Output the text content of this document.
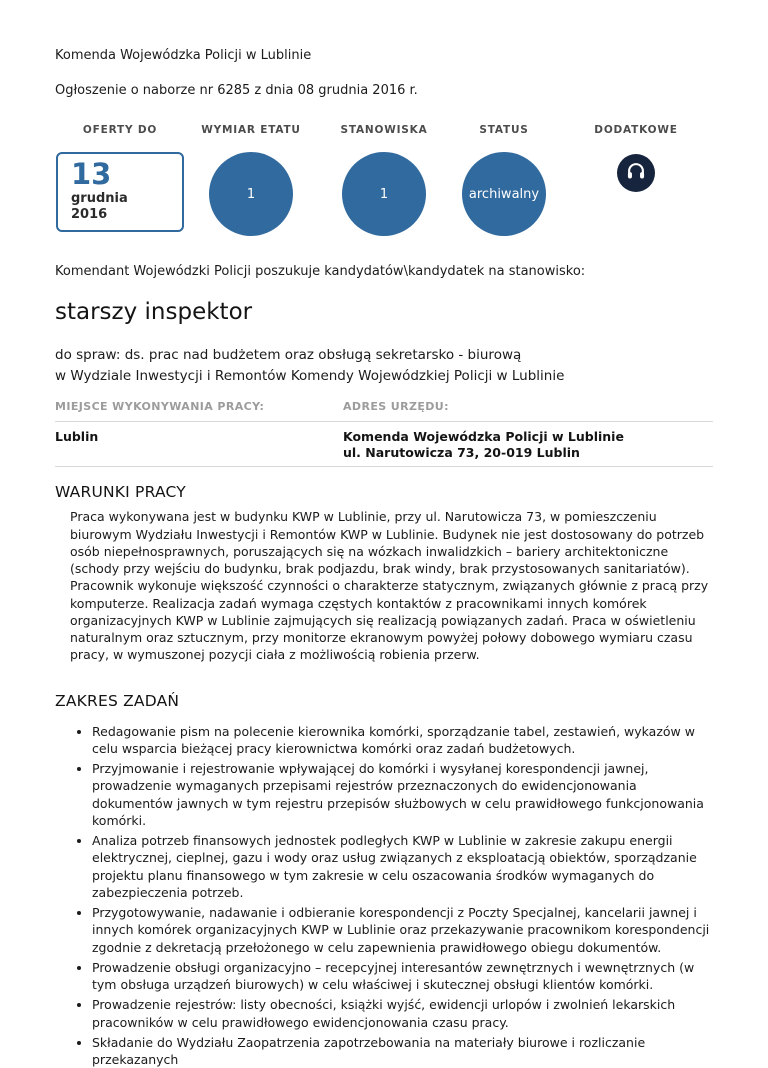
Komenda Wojewódzka Policji w Lublinie
Ogłoszenie o naborze nr 6285 z dnia 08 grudnia 2016 r.
OFERTY DO
13
grudnia
2016
WYMIAR ETATU
1
STANOWISKA
1
STATUS
archiwalny
DODATKOWE
Komendant Wojewódzki Policji poszukuje kandydatów\kandydatek na stanowisko:
starszy inspektor
do spraw: ds. prac nad budżetem oraz obsługą sekretarsko - biurową
w Wydziale Inwestycji i Remontów Komendy Wojewódzkiej Policji w Lublinie
MIEJSCE WYKONYWANIA PRACY:	ADRES URZĘDU:
Lublin	Komenda Wojewódzka Policji w Lublinie
ul. Narutowicza 73, 20-019 Lublin
WARUNKI PRACY

Praca wykonywana jest w budynku KWP w Lublinie, przy ul. Narutowicza 73, w pomieszczeniu biurowym Wydziału Inwestycji i Remontów KWP w Lublinie. Budynek nie jest dostosowany do potrzeb osób niepełnosprawnych, poruszających się na wózkach inwalidzkich – bariery architektoniczne (schody przy wejściu do budynku, brak podjazdu, brak windy, brak przystosowanych sanitariatów).

Pracownik wykonuje większość czynności o charakterze statycznym, związanych głównie z pracą przy komputerze. Realizacja zadań wymaga częstych kontaktów z pracownikami innych komórek organizacyjnych KWP w Lublinie zajmujących się realizacją powiązanych zadań. Praca w oświetleniu naturalnym oraz sztucznym, przy monitorze ekranowym powyżej połowy dobowego wymiaru czasu pracy, w wymuszonej pozycji ciała z możliwością robienia przerw.

ZAKRES ZADAŃ
• Redagowanie pism na polecenie kierownika komórki, sporządzanie tabel, zestawień, wykazów w celu wsparcia bieżącej pracy kierownictwa komórki oraz zadań budżetowych.
• Przyjmowanie i rejestrowanie wpływającej do komórki i wysyłanej korespondencji jawnej, prowadzenie wymaganych przepisami rejestrów przeznaczonych do ewidencjonowania dokumentów jawnych w tym rejestru przepisów służbowych w celu prawidłowego funkcjonowania komórki.
• Analiza potrzeb finansowych jednostek podległych KWP w Lublinie w zakresie zakupu energii elektrycznej, cieplnej, gazu i wody oraz usług związanych z eksploatacją obiektów, sporządzanie projektu planu finansowego w tym zakresie w celu oszacowania środków wymaganych do zabezpieczenia potrzeb.
• Przygotowywanie, nadawanie i odbieranie korespondencji z Poczty Specjalnej, kancelarii jawnej i innych komórek organizacyjnych KWP w Lublinie oraz przekazywanie pracownikom korespondencji zgodnie z dekretacją przełożonego w celu zapewnienia prawidłowego obiegu dokumentów.
• Prowadzenie obsługi organizacyjno – recepcyjnej interesantów zewnętrznych i wewnętrznych (w tym obsługa urządzeń biurowych) w celu właściwej i skutecznej obsługi klientów komórki.
• Prowadzenie rejestrów: listy obecności, książki wyjść, ewidencji urlopów i zwolnień lekarskich pracowników w celu prawidłowego ewidencjonowania czasu pracy.
• Składanie do Wydziału Zaopatrzenia zapotrzebowania na materiały biurowe i rozliczanie przekazanych
